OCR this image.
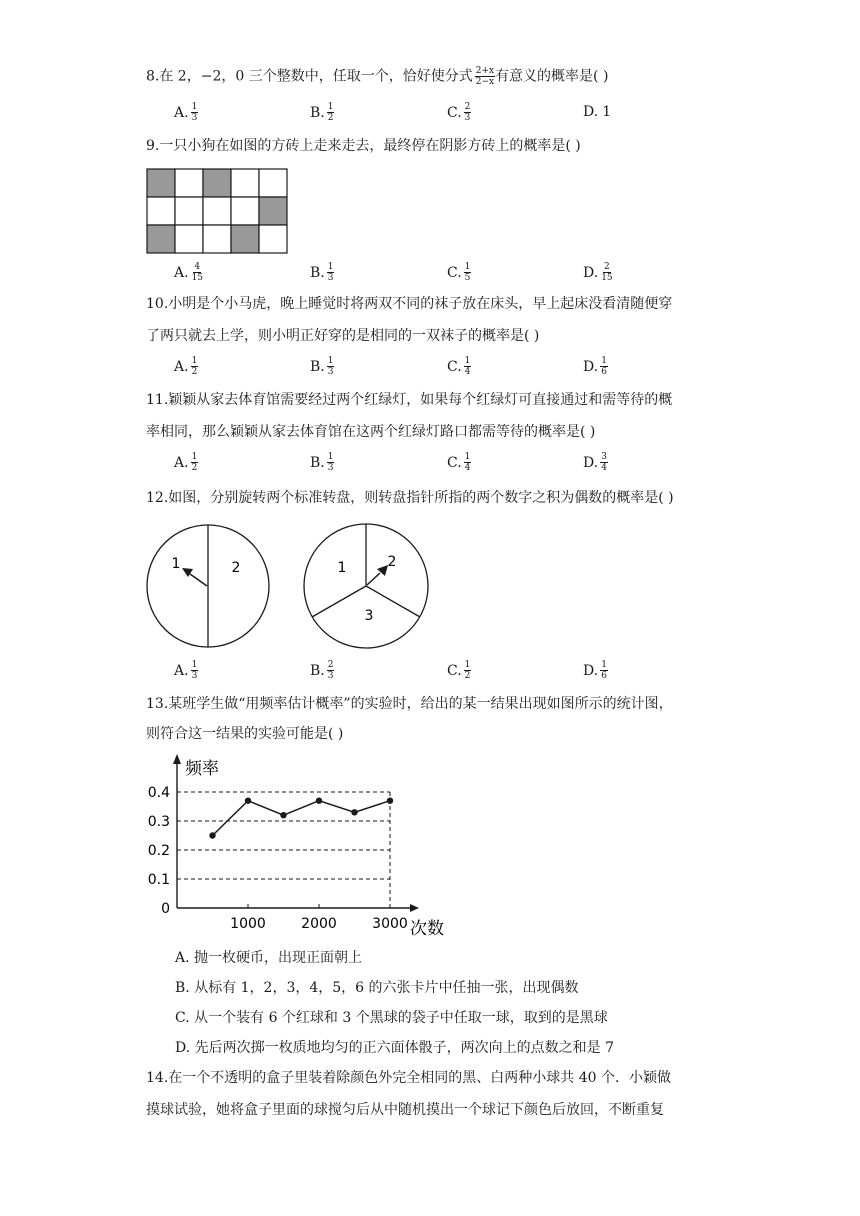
8.在 2，−2，0 三个整数中，任取一个，恰好使分式 $\frac{2+x}{2-x}$ 有意义的概率是( )
A. $\frac{1}{3}$	B. $\frac{1}{2}$	C. $\frac{2}{3}$	D. 1
9.一只小狗在如图的方砖上走来走去，最终停在阴影方砖上的概率是( )
A. $\frac{4}{15}$	B. $\frac{1}{3}$	C. $\frac{1}{5}$	D. $\frac{2}{15}$
10.小明是个小马虎，晚上睡觉时将两双不同的袜子放在床头，早上起床没看清随便穿
了两只就去上学，则小明正好穿的是相同的一双袜子的概率是( )
A. $\frac{1}{2}$	B. $\frac{1}{3}$	C. $\frac{1}{4}$	D. $\frac{1}{6}$
11.颖颖从家去体育馆需要经过两个红绿灯，如果每个红绿灯可直接通过和需等待的概
率相同，那么颖颖从家去体育馆在这两个红绿灯路口都需等待的概率是( )
A. $\frac{1}{2}$	B. $\frac{1}{3}$	C. $\frac{1}{4}$	D. $\frac{3}{4}$
12.如图，分别旋转两个标准转盘，则转盘指针所指的两个数字之积为偶数的概率是( )
1	2	1	2
3
A. $\frac{1}{3}$	B. $\frac{2}{3}$	C. $\frac{1}{2}$	D. $\frac{1}{6}$
13.某班学生做“用频率估计概率”的实验时，给出的某一结果出现如图所示的统计图，
则符合这一结果的实验可能是( )
0
0.1
0.2
0.3
0.4
1000	2000	3000
频率
次数
A. 抛一枚硬币，出现正面朝上
B. 从标有 1，2，3，4，5，6 的六张卡片中任抽一张，出现偶数
C. 从一个装有 6 个红球和 3 个黑球的袋子中任取一球，取到的是黑球
D. 先后两次掷一枚质地均匀的正六面体骰子，两次向上的点数之和是 7
14.在一个不透明的盒子里装着除颜色外完全相同的黑、白两种小球共 40 个．小颖做
摸球试验，她将盒子里面的球搅匀后从中随机摸出一个球记下颜色后放回，不断重复
